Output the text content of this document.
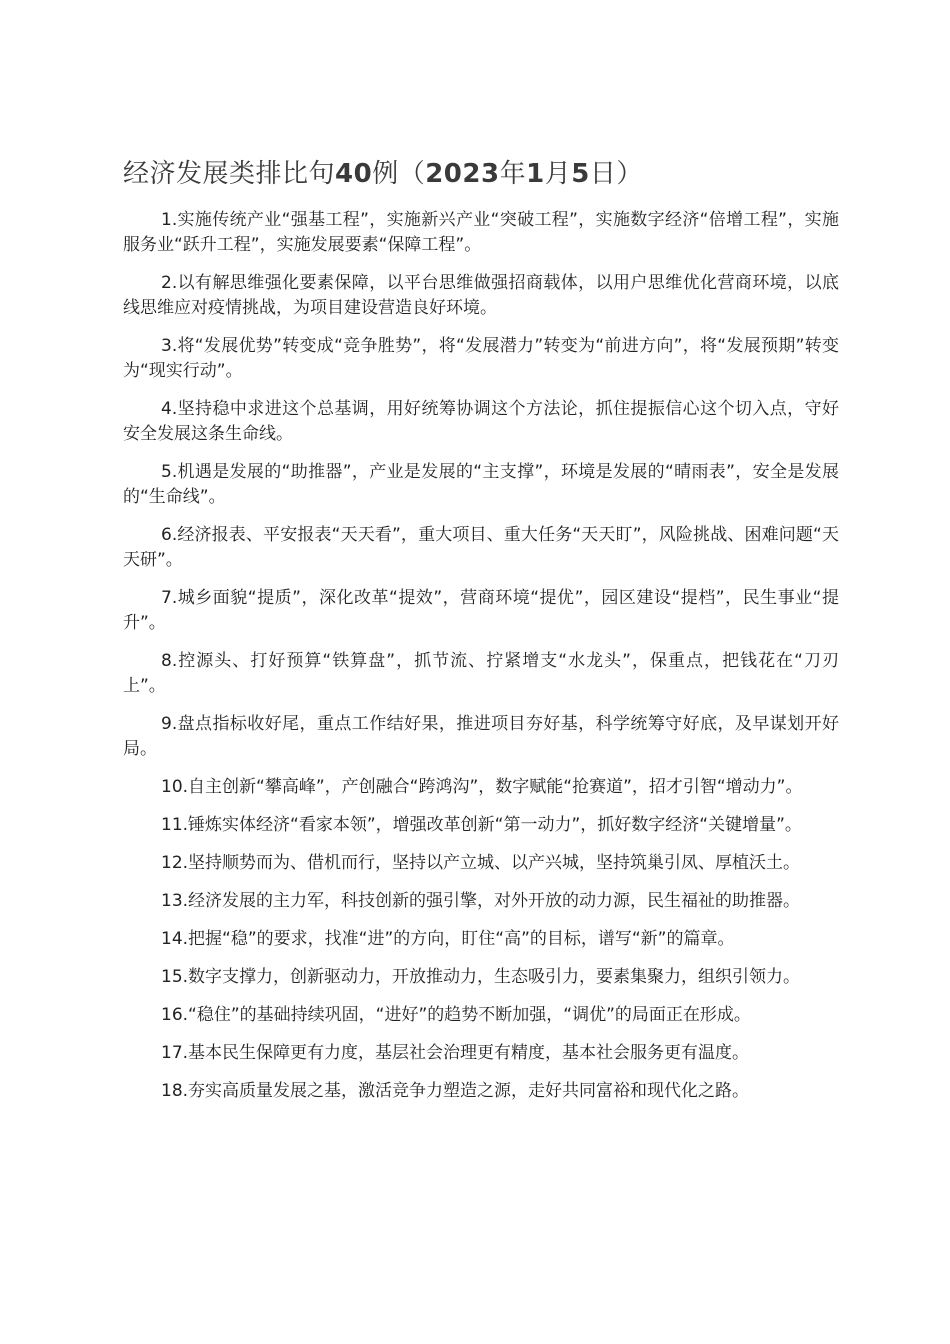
经济发展类排比句40例（2023年1月5日）

1.实施传统产业“强基工程”，实施新兴产业“突破工程”，实施数字经济“倍增工程”，实施服务业“跃升工程”，实施发展要素“保障工程”。

2.以有解思维强化要素保障，以平台思维做强招商载体，以用户思维优化营商环境，以底线思维应对疫情挑战，为项目建设营造良好环境。

3.将“发展优势”转变成“竞争胜势”，将“发展潜力”转变为“前进方向”，将“发展预期”转变为“现实行动”。

4.坚持稳中求进这个总基调，用好统筹协调这个方法论，抓住提振信心这个切入点，守好安全发展这条生命线。

5.机遇是发展的“助推器”，产业是发展的“主支撑”，环境是发展的“晴雨表”，安全是发展的“生命线”。

6.经济报表、平安报表“天天看”，重大项目、重大任务“天天盯”，风险挑战、困难问题“天天研”。

7.城乡面貌“提质”，深化改革“提效”，营商环境“提优”，园区建设“提档”，民生事业“提升”。

8.控源头、打好预算“铁算盘”，抓节流、拧紧增支“水龙头”，保重点，把钱花在“刀刃上”。

9.盘点指标收好尾，重点工作结好果，推进项目夯好基，科学统筹守好底，及早谋划开好局。

10.自主创新“攀高峰”，产创融合“跨鸿沟”，数字赋能“抢赛道”，招才引智“增动力”。

11.锤炼实体经济“看家本领”，增强改革创新“第一动力”，抓好数字经济“关键增量”。

12.坚持顺势而为、借机而行，坚持以产立城、以产兴城，坚持筑巢引凤、厚植沃土。

13.经济发展的主力军，科技创新的强引擎，对外开放的动力源，民生福祉的助推器。

14.把握“稳”的要求，找准“进”的方向，盯住“高”的目标，谱写“新”的篇章。

15.数字支撑力，创新驱动力，开放推动力，生态吸引力，要素集聚力，组织引领力。

16.“稳住”的基础持续巩固，“进好”的趋势不断加强，“调优”的局面正在形成。

17.基本民生保障更有力度，基层社会治理更有精度，基本社会服务更有温度。

18.夯实高质量发展之基，激活竞争力塑造之源，走好共同富裕和现代化之路。
